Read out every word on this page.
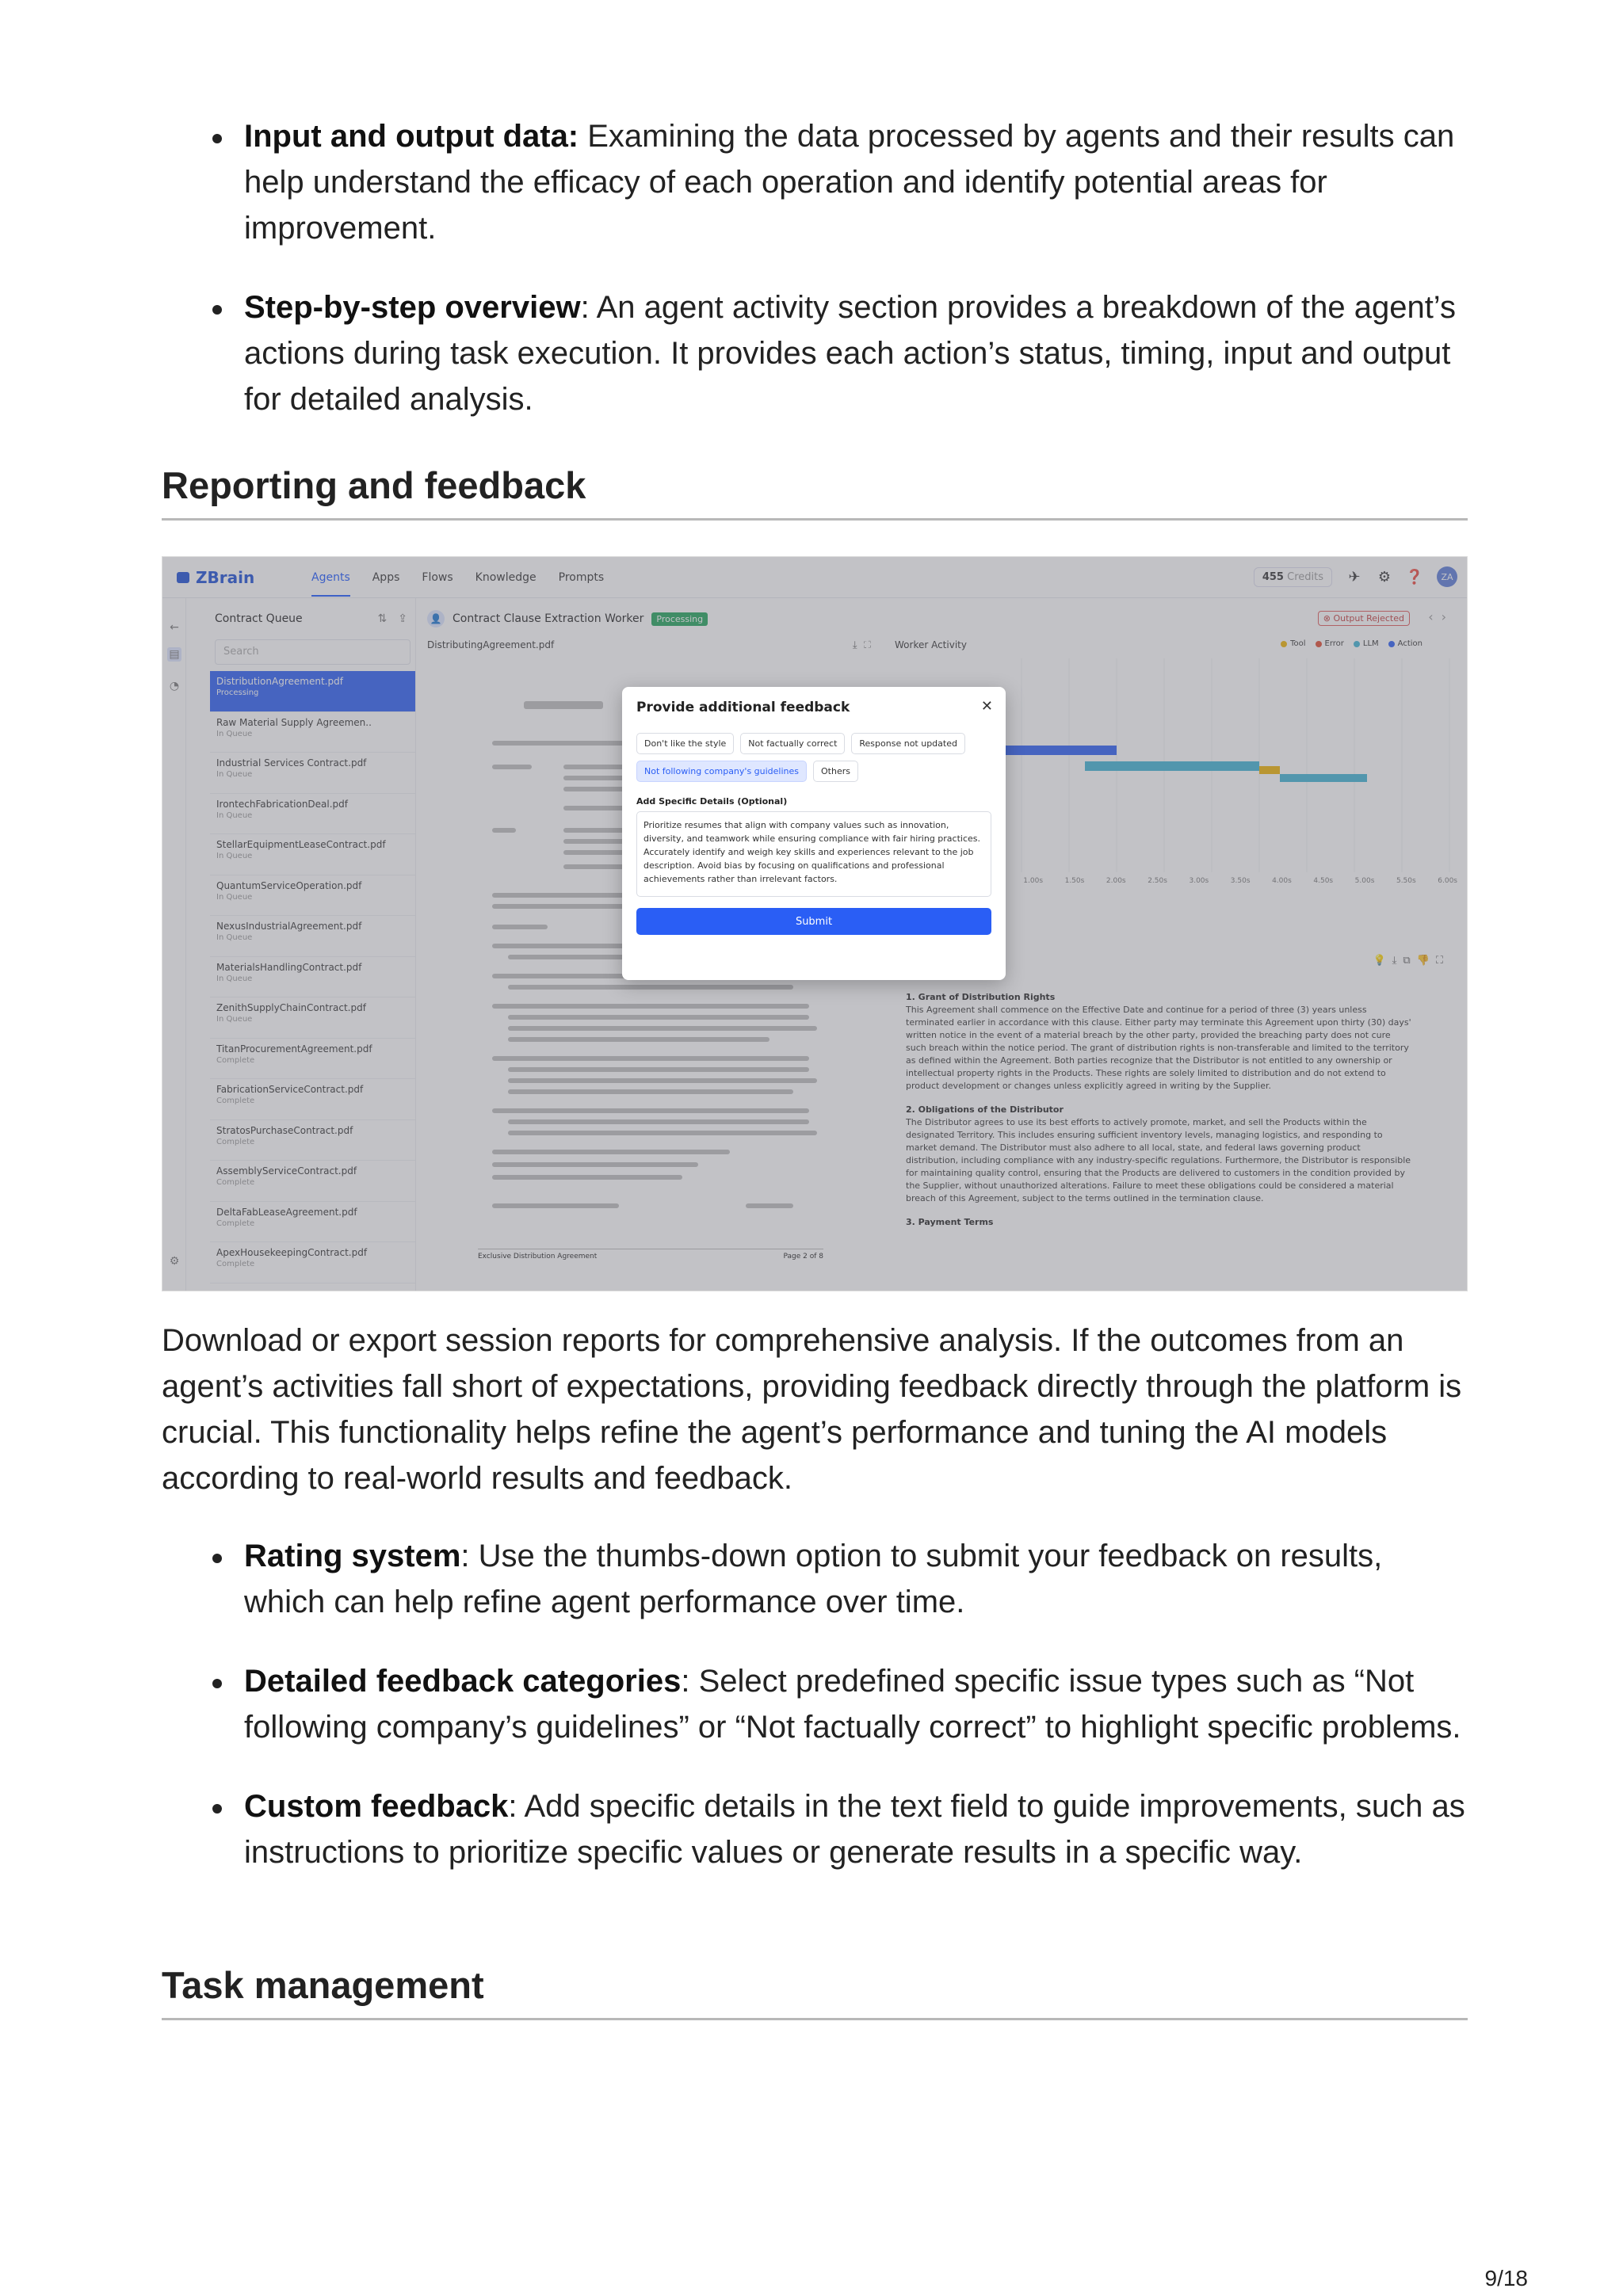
Input and output data: Examining the data processed by agents and their results can help understand the efficacy of each operation and identify potential areas for improvement.
Step-by-step overview: An agent activity section provides a breakdown of the agent’s actions during task execution. It provides each action’s status, timing, input and output for detailed analysis.
Reporting and feedback
ZBrain	Agents Apps Flows Knowledge Prompts	455 Credits	✈ ⚙ ❓	ZA
←
▤
◔
⚙
Contract Queue	⇅ ⇪
Search
DistributionAgreement.pdf
Processing
Raw Material Supply Agreemen..
In Queue
Industrial Services Contract.pdf
In Queue
IrontechFabricationDeal.pdf
In Queue
StellarEquipmentLeaseContract.pdf
In Queue
QuantumServiceOperation.pdf
In Queue
NexusIndustrialAgreement.pdf
In Queue
MaterialsHandlingContract.pdf
In Queue
ZenithSupplyChainContract.pdf
In Queue
TitanProcurementAgreement.pdf
Complete
FabricationServiceContract.pdf
Complete
StratosPurchaseContract.pdf
Complete
AssemblyServiceContract.pdf
Complete
DeltaFabLeaseAgreement.pdf
Complete
ApexHousekeepingContract.pdf
Complete
👤 Contract Clause Extraction Worker	Processing	⊗ Output Rejected	‹›
DistributingAgreement.pdf	⤓ ⛶
Exclusive Distribution Agreement	Page 2 of 8
Worker Activity	Tool Error LLM Action
1.00s	1.50s	2.00s	2.50s	3.00s	3.50s	4.00s	4.50s	5.00s	5.50s	6.00s
💡⤓⧉👎⛶
1. Grant of Distribution Rights
This Agreement shall commence on the Effective Date and continue for a period of three (3) years unless terminated earlier in accordance with this clause. Either party may terminate this Agreement upon thirty (30) days' written notice in the event of a material breach by the other party, provided the breaching party does not cure such breach within the notice period. The grant of distribution rights is non-transferable and limited to the territory as defined within the Agreement. Both parties recognize that the Distributor is not entitled to any ownership or intellectual property rights in the Products. These rights are solely limited to distribution and do not extend to product development or changes unless explicitly agreed in writing by the Supplier.
2. Obligations of the Distributor
The Distributor agrees to use its best efforts to actively promote, market, and sell the Products within the designated Territory. This includes ensuring sufficient inventory levels, managing logistics, and responding to market demand. The Distributor must also adhere to all local, state, and federal laws governing product distribution, including compliance with any industry-specific regulations. Furthermore, the Distributor is responsible for maintaining quality control, ensuring that the Products are delivered to customers in the condition provided by the Supplier, without unauthorized alterations. Failure to meet these obligations could be considered a material breach of this Agreement, subject to the terms outlined in the termination clause.
3. Payment Terms
Provide additional feedback	✕
Don't like the style	Not factually correct	Response not updated
Not following company's guidelines	Others
Add Specific Details (Optional)
Prioritize resumes that align with company values such as innovation, diversity, and teamwork while ensuring compliance with fair hiring practices. Accurately identify and weigh key skills and experiences relevant to the job description. Avoid bias by focusing on qualifications and professional achievements rather than irrelevant factors.
Submit

Download or export session reports for comprehensive analysis. If the outcomes from an agent’s activities fall short of expectations, providing feedback directly through the platform is crucial. This functionality helps refine the agent’s performance and tuning the AI models according to real-world results and feedback.

Rating system: Use the thumbs-down option to submit your feedback on results, which can help refine agent performance over time.
Detailed feedback categories: Select predefined specific issue types such as “Not following company’s guidelines” or “Not factually correct” to highlight specific problems.
Custom feedback: Add specific details in the text field to guide improvements, such as instructions to prioritize specific values or generate results in a specific way.
Task management
9/18
